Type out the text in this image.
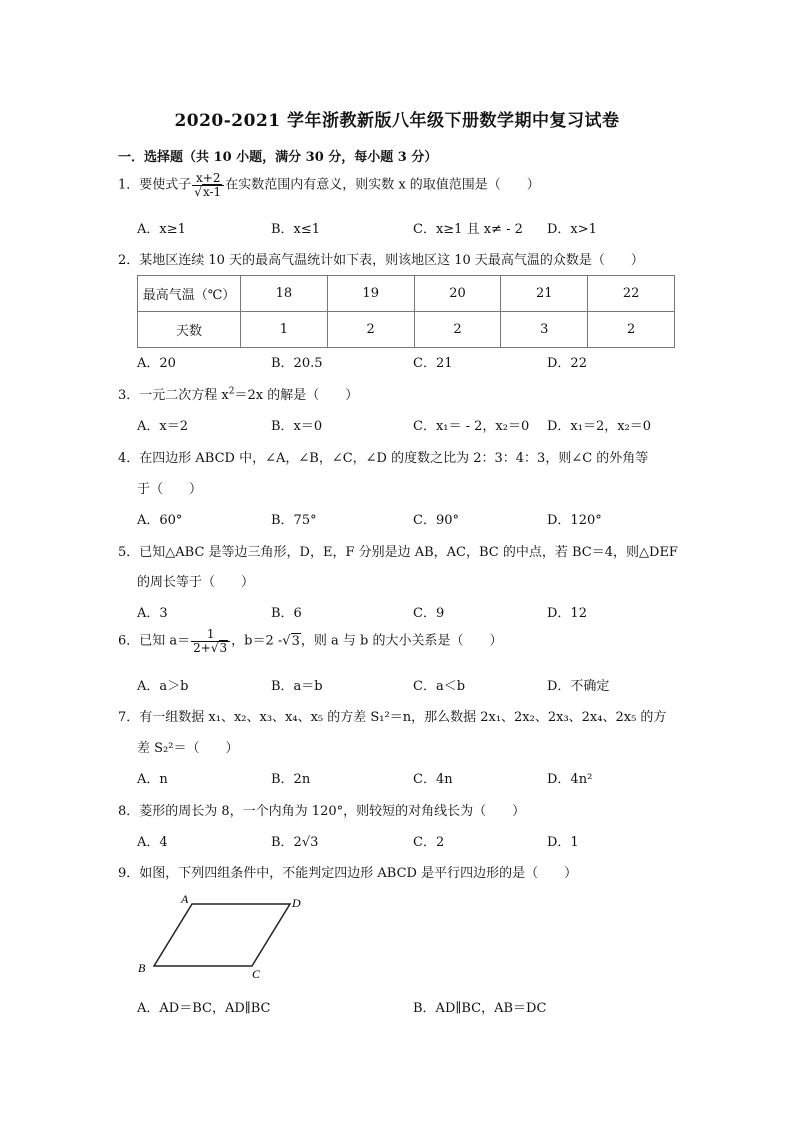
2020-2021 学年浙教新版八年级下册数学期中复习试卷
一．选择题（共 10 小题，满分 30 分，每小题 3 分）
1．要使式子 $\frac{x+2}{√x-1}$ 在实数范围内有意义，则实数 x 的取值范围是（　　）
A．x≥1	B．x≤1	C．x≥1 且 x≠ - 2 D．x>1
2．某地区连续 10 天的最高气温统计如下表，则该地区这 10 天最高气温的众数是（　　）
最高气温（℃）	18	19	20	21	22
天数	1	2	2	3	2
A．20	B．20.5	C．21	D．22
3．一元二次方程 $x^2=2x$ 的解是（　　）
A．x＝2	B．x＝0	C．x₁＝ - 2，x₂＝0 D．x₁＝2，x₂＝0
4．在四边形 ABCD 中，∠A，∠B，∠C，∠D 的度数之比为 2：3：4：3，则∠C 的外角等
于（　　）
A．60°	B．75°	C．90°	D．120°
5．已知△ABC 是等边三角形，D，E，F 分别是边 AB，AC，BC 的中点，若 BC＝4，则△DEF
的周长等于（　　）
A．3	B．6	C．9	D．12
6．已知 $a= \frac{1}{2+√3}$ ，b＝2 -√3，则 a 与 b 的大小关系是（　　）
A．a＞b	B．a＝b	C．a＜b	D．不确定
7．有一组数据 x₁、x₂、x₃、x₄、x₅ 的方差 S₁²＝n，那么数据 2x₁、2x₂、2x₃、2x₄、2x₅ 的方
差 S₂²＝（　　）
A．n	B．2n	C．4n	D．4n²
8．菱形的周长为 8，一个内角为 120°，则较短的对角线长为（　　）
A．4	B．2√3	C．2	D．1
9．如图，下列四组条件中，不能判定四边形 ABCD 是平行四边形的是（　　）
A	D
B	C
A．AD＝BC，AD∥BC	B．AD∥BC，AB＝DC
